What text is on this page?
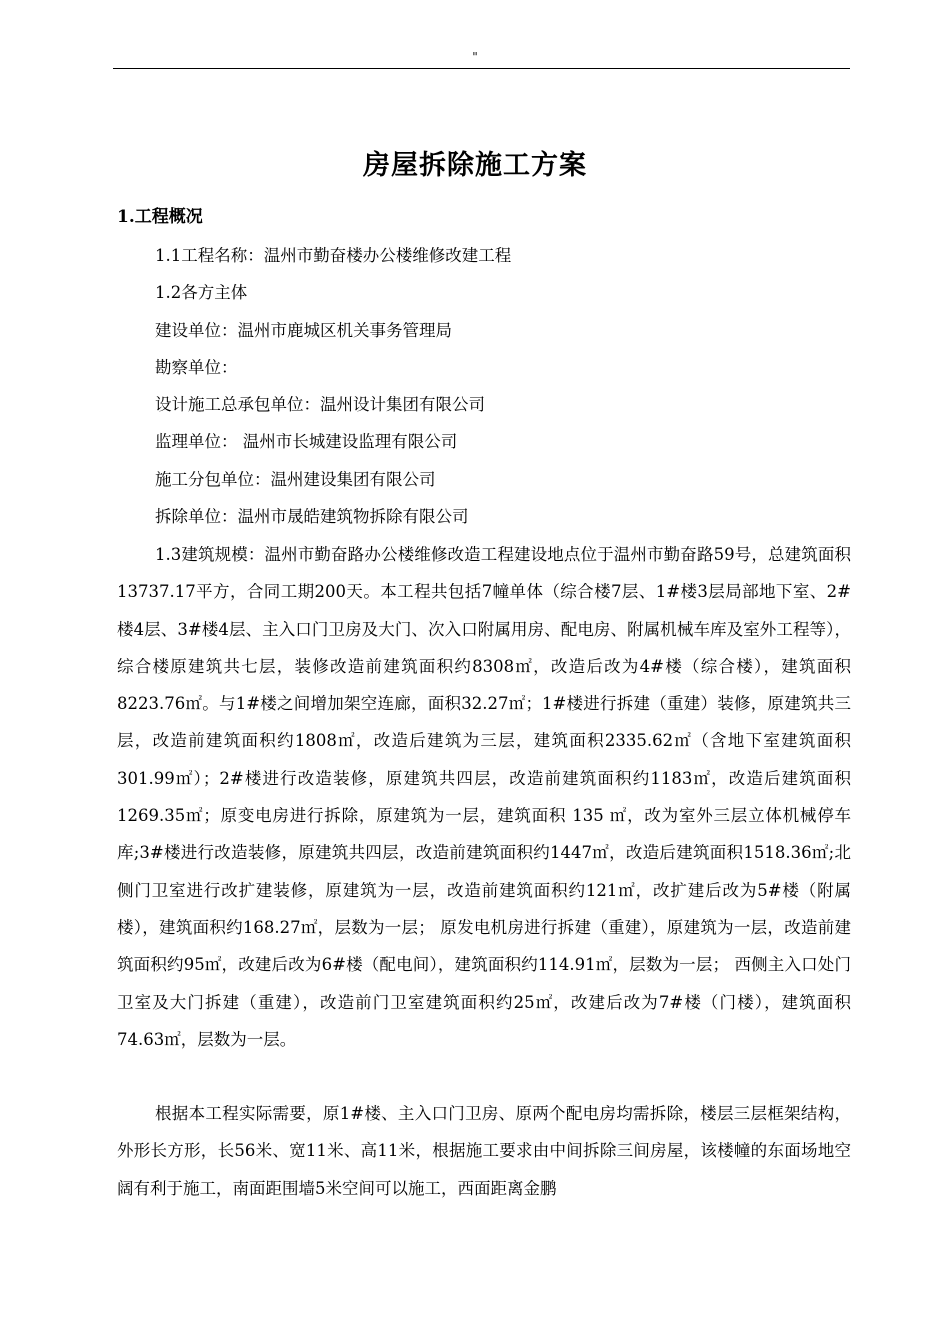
"
房屋拆除施工方案
1.工程概况
1.1工程名称：温州市勤奋楼办公楼维修改建工程
1.2各方主体
建设单位：温州市鹿城区机关事务管理局
勘察单位：
设计施工总承包单位：温州设计集团有限公司
监理单位： 温州市长城建设监理有限公司
施工分包单位：温州建设集团有限公司
拆除单位：温州市晟皓建筑物拆除有限公司

1.3建筑规模：温州市勤奋路办公楼维修改造工程建设地点位于温州市勤奋路59号，总建筑面积13737.17平方，合同工期200天。本工程共包括7幢单体（综合楼7层、1#楼3层局部地下室、2#楼4层、3#楼4层、主入口门卫房及大门、次入口附属用房、配电房、附属机械车库及室外工程等），综合楼原建筑共七层，装修改造前建筑面积约8308㎡，改造后改为4#楼（综合楼），建筑面积8223.76㎡。与1#楼之间增加架空连廊，面积32.27㎡；1#楼进行拆建（重建）装修，原建筑共三层，改造前建筑面积约1808㎡，改造后建筑为三层，建筑面积2335.62㎡（含地下室建筑面积301.99㎡）；2#楼进行改造装修，原建筑共四层，改造前建筑面积约1183㎡，改造后建筑面积1269.35㎡；原变电房进行拆除，原建筑为一层，建筑面积 135 ㎡，改为室外三层立体机械停车库;3#楼进行改造装修，原建筑共四层，改造前建筑面积约1447㎡，改造后建筑面积1518.36㎡;北侧门卫室进行改扩建装修，原建筑为一层，改造前建筑面积约121㎡，改扩建后改为5#楼（附属楼），建筑面积约168.27㎡，层数为一层； 原发电机房进行拆建（重建），原建筑为一层，改造前建筑面积约95㎡，改建后改为6#楼（配电间），建筑面积约114.91㎡，层数为一层； 西侧主入口处门卫室及大门拆建（重建），改造前门卫室建筑面积约25㎡，改建后改为7#楼（门楼），建筑面积74.63㎡，层数为一层。

根据本工程实际需要，原1#楼、主入口门卫房、原两个配电房均需拆除，楼层三层框架结构，外形长方形，长56米、宽11米、高11米，根据施工要求由中间拆除三间房屋，该楼幢的东面场地空阔有利于施工，南面距围墙5米空间可以施工，西面距离金鹏
